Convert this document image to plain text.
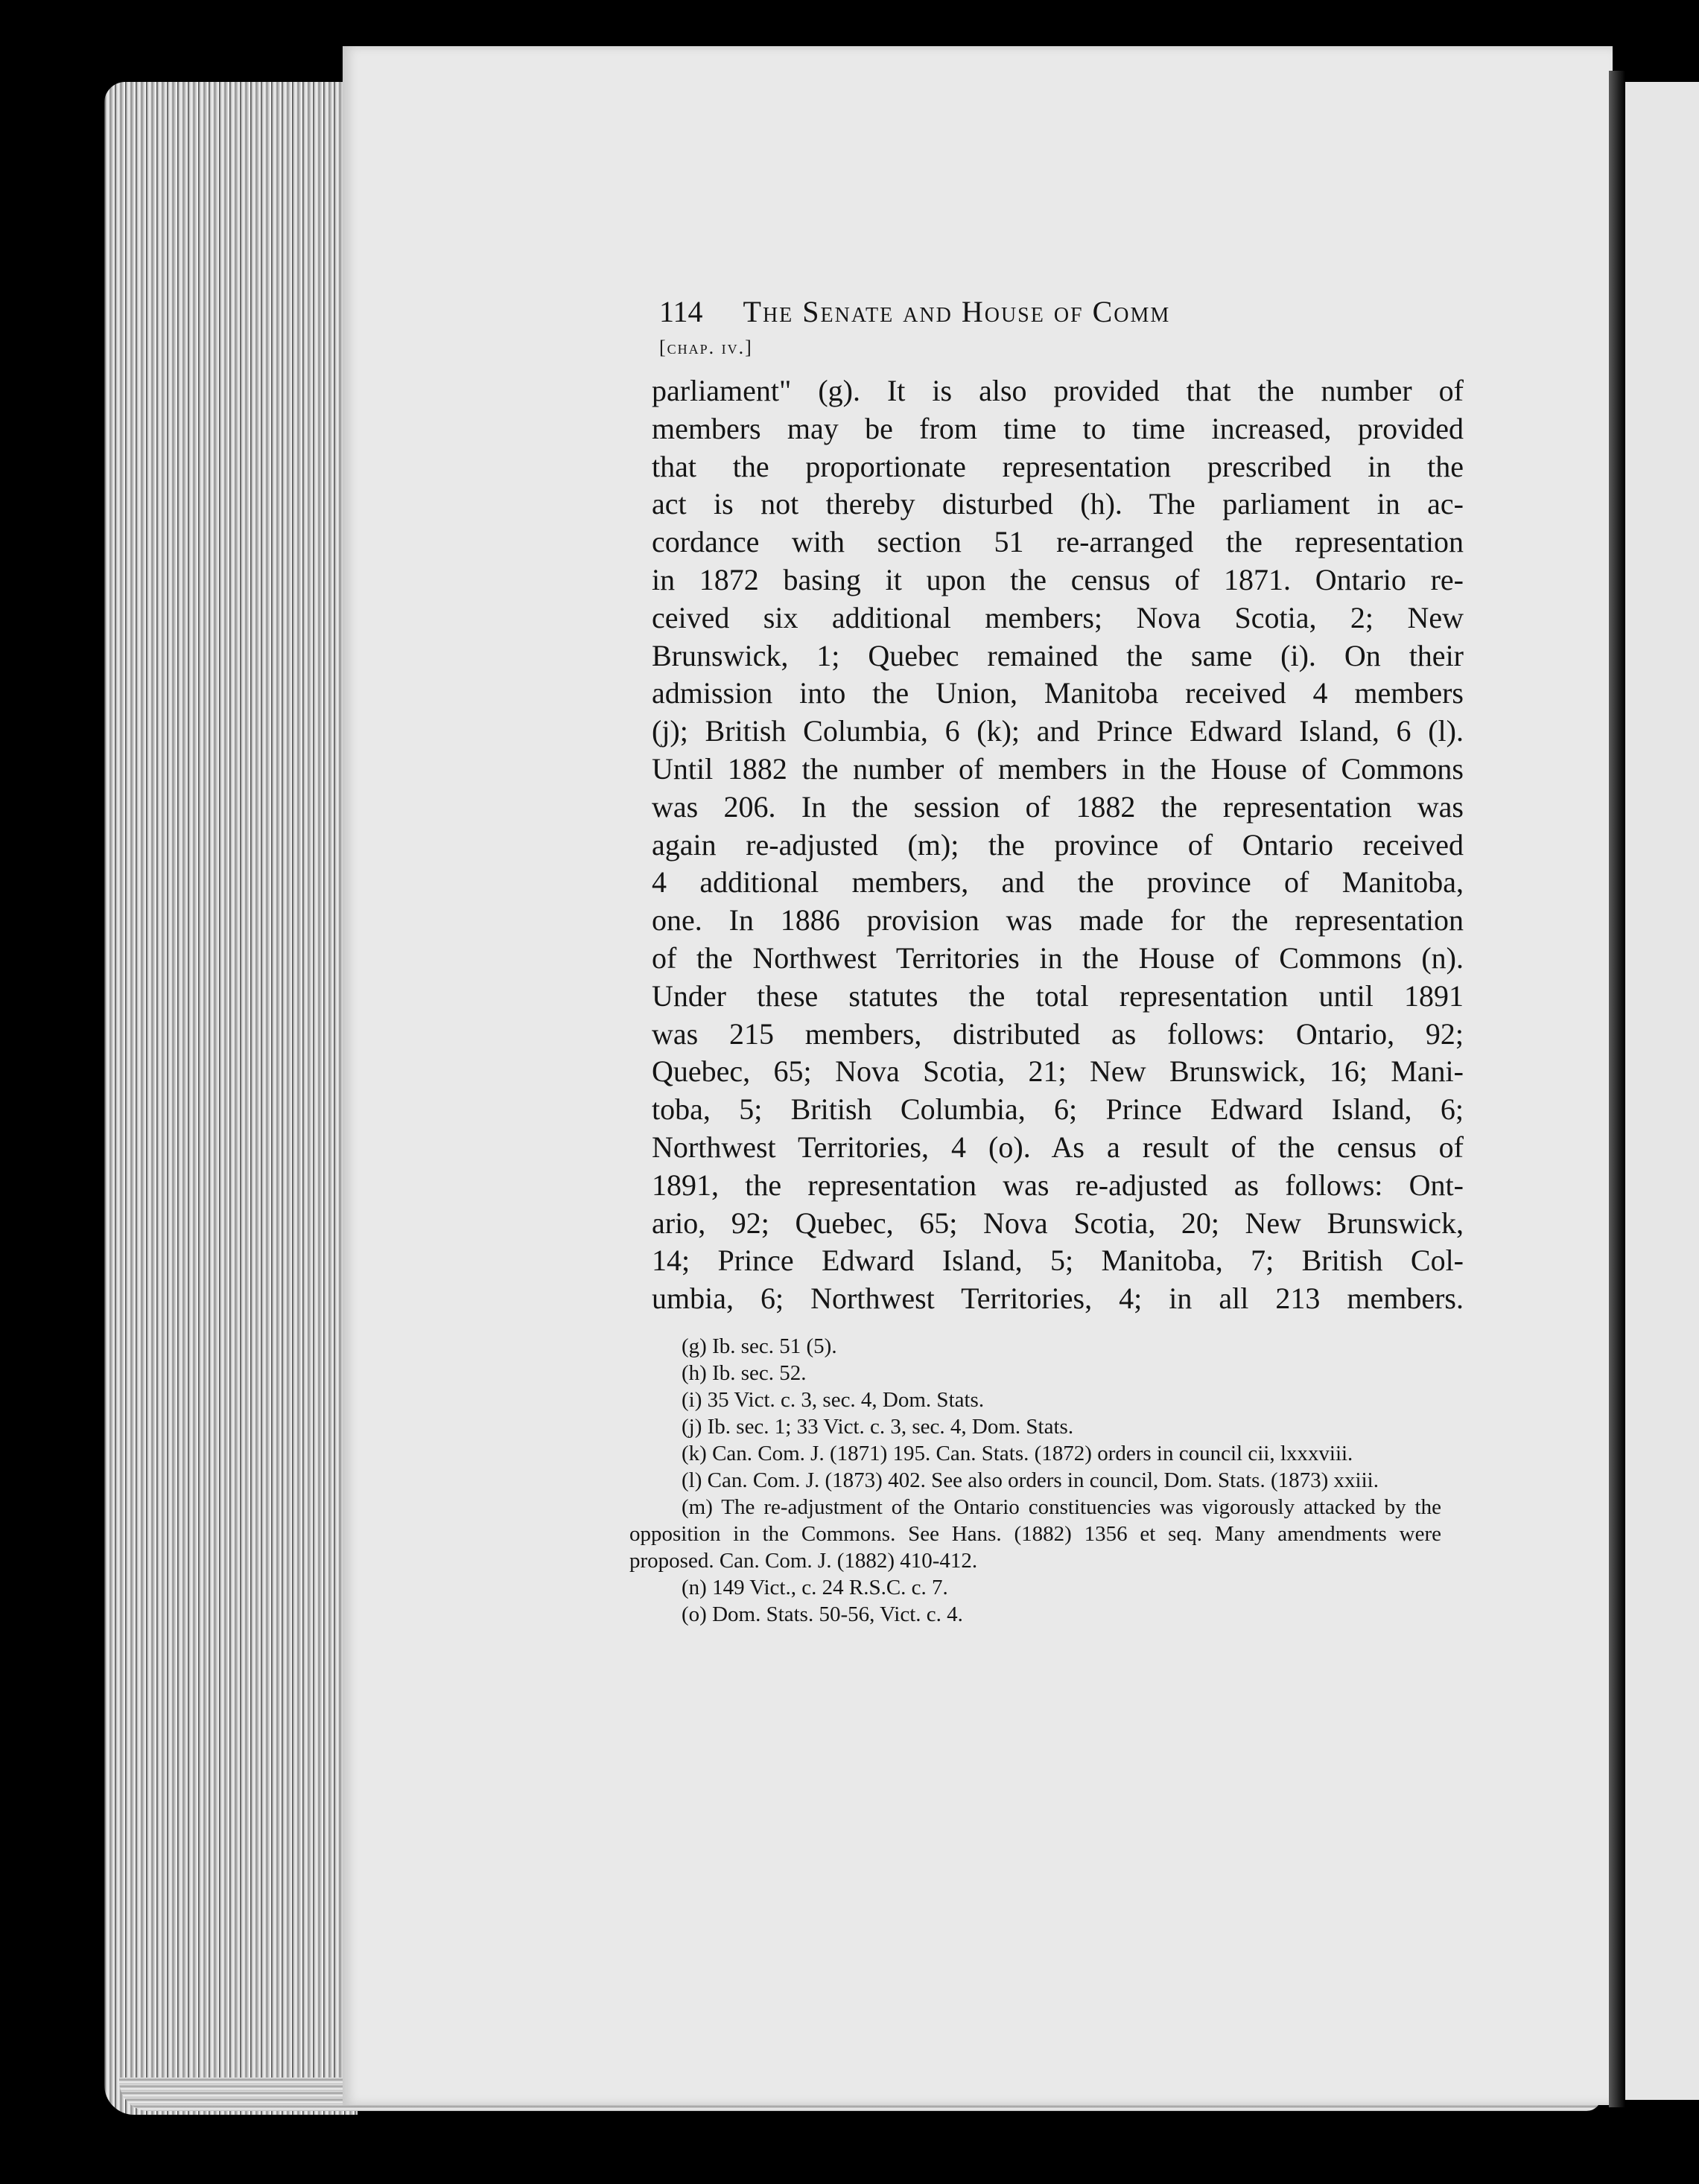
114 The Senate and House of Comm
[chap. iv.]
parliament" (g). It is also provided that the number of
members may be from time to time increased, provided
that the proportionate representation prescribed in the
act is not thereby disturbed (h). The parliament in ac-
cordance with section 51 re-arranged the representation
in 1872 basing it upon the census of 1871. Ontario re-
ceived six additional members; Nova Scotia, 2; New
Brunswick, 1; Quebec remained the same (i). On their
admission into the Union, Manitoba received 4 members
(j); British Columbia, 6 (k); and Prince Edward Island, 6 (l).
Until 1882 the number of members in the House of Commons
was 206. In the session of 1882 the representation was
again re-adjusted (m); the province of Ontario received
4 additional members, and the province of Manitoba,
one. In 1886 provision was made for the representation
of the Northwest Territories in the House of Commons (n).
Under these statutes the total representation until 1891
was 215 members, distributed as follows: Ontario, 92;
Quebec, 65; Nova Scotia, 21; New Brunswick, 16; Mani-
toba, 5; British Columbia, 6; Prince Edward Island, 6;
Northwest Territories, 4 (o). As a result of the census of
1891, the representation was re-adjusted as follows: Ont-
ario, 92; Quebec, 65; Nova Scotia, 20; New Brunswick,
14; Prince Edward Island, 5; Manitoba, 7; British Col-
umbia, 6; Northwest Territories, 4; in all 213 members.
(g) Ib. sec. 51 (5).
(h) Ib. sec. 52.
(i) 35 Vict. c. 3, sec. 4, Dom. Stats.
(j) Ib. sec. 1; 33 Vict. c. 3, sec. 4, Dom. Stats.
(k) Can. Com. J. (1871) 195. Can. Stats. (1872) orders in council cii, lxxxviii.
(l) Can. Com. J. (1873) 402. See also orders in council, Dom. Stats. (1873) xxiii.
(m) The re-adjustment of the Ontario constituencies was vigorously attacked by the opposition in the Commons. See Hans. (1882) 1356 et seq. Many amendments were proposed. Can. Com. J. (1882) 410-412.
(n) 149 Vict., c. 24 R.S.C. c. 7.
(o) Dom. Stats. 50-56, Vict. c. 4.
